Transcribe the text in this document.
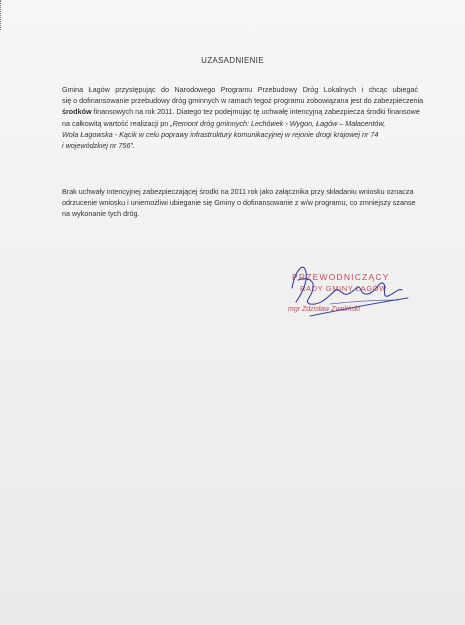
UZASADNIENIE
Gmina Łagów przystępując do Narodowego Programu Przebudowy Dróg Lokalnych i chcąc ubiegać
się o dofinansowanie przebudowy dróg gminnych w ramach tegoż programu zobowiązana jest do zabezpieczenia
środków finansowych na rok 2011. Diatego tez podejmując tę uchwałę intencyjną zabezpiecza środki finansowe
na całkowitą wartość realizacji pn „Remont dróg gminnych: Lechówek - Wygon, Łagów – Małacentów,
Wola Łagowska - Kącik w celu poprawy infrastruktury komunikacyjnej w rejonie drogi krajowej nr 74
i wojewódzkiej nr 756”.
Brak uchwały intencyjnej zabezpieczającej środki na 2011 rok jako załącznika przy składaniu wniosku oznacza
odrzucenie wniosku i uniemożliwi ubieganie się Gminy o dofinansowanie z w/w programu, co zmniejszy szanse
na wykonanie tych dróg.
PRZEWODNICZĄCY
RADY GMINY ŁAGÓW
mgr Zdzisław Zwoliński
